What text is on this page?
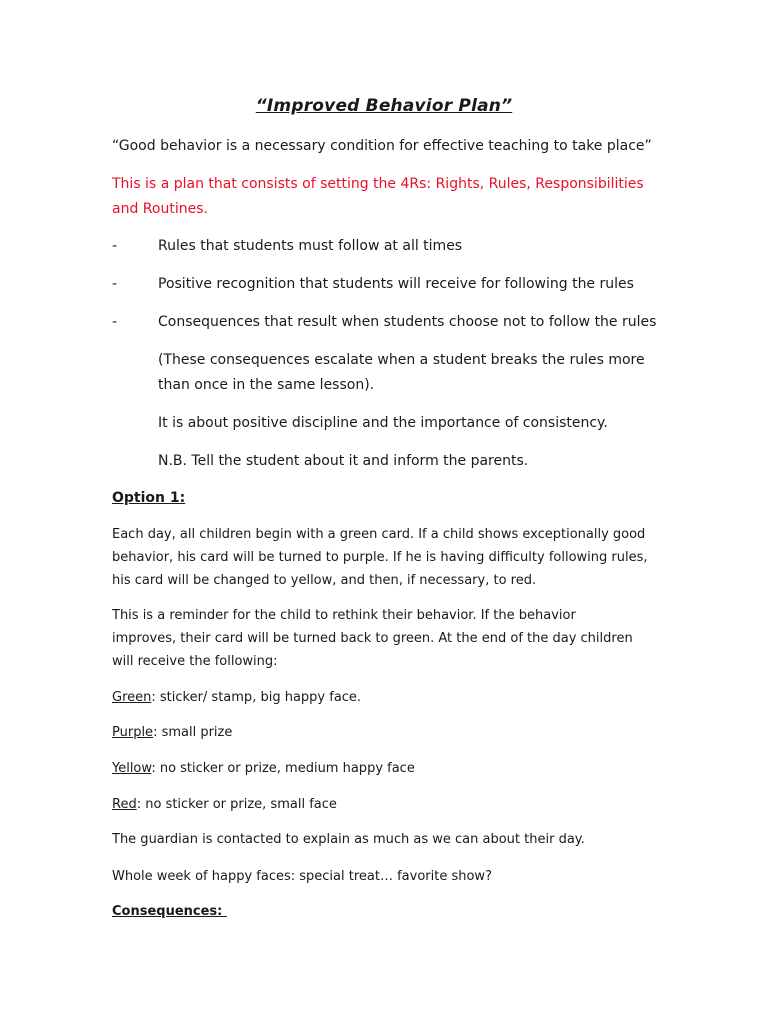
“Improved Behavior Plan”
“Good behavior is a necessary condition for effective teaching to take place”
This is a plan that consists of setting the 4Rs: Rights, Rules, Responsibilities
and Routines.
-	Rules that students must follow at all times
-	Positive recognition that students will receive for following the rules
-	Consequences that result when students choose not to follow the rules
(These consequences escalate when a student breaks the rules more
than once in the same lesson).
It is about positive discipline and the importance of consistency.
N.B. Tell the student about it and inform the parents.
Option 1:
Each day, all children begin with a green card. If a child shows exceptionally good
behavior, his card will be turned to purple. If he is having difficulty following rules,
his card will be changed to yellow, and then, if necessary, to red.
This is a reminder for the child to rethink their behavior. If the behavior
improves, their card will be turned back to green. At the end of the day children
will receive the following:
Green: sticker/ stamp, big happy face.
Purple: small prize
Yellow: no sticker or prize, medium happy face
Red: no sticker or prize, small face
The guardian is contacted to explain as much as we can about their day.
Whole week of happy faces: special treat… favorite show?
Consequences:
